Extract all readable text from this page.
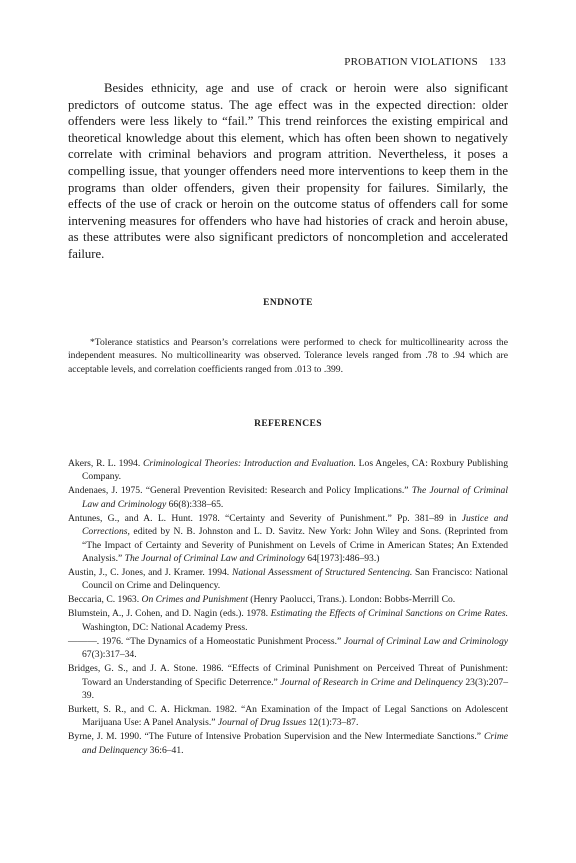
PROBATION VIOLATIONS 133

Besides ethnicity, age and use of crack or heroin were also significant predictors of outcome status. The age effect was in the expected direction: older offenders were less likely to “fail.” This trend reinforces the existing empirical and theoretical knowledge about this element, which has often been shown to negatively correlate with criminal behaviors and program attrition. Nevertheless, it poses a compelling issue, that younger offenders need more interventions to keep them in the programs than older offenders, given their propensity for failures. Similarly, the effects of the use of crack or heroin on the outcome status of offenders call for some intervening measures for offenders who have had histories of crack and heroin abuse, as these attributes were also significant predictors of noncompletion and accelerated failure.

ENDNOTE

*Tolerance statistics and Pearson’s correlations were performed to check for multicollinearity across the independent measures. No multicollinearity was observed. Tolerance levels ranged from .78 to .94 which are acceptable levels, and correlation coefficients ranged from .013 to .399.

REFERENCES
Akers, R. L. 1994. Criminological Theories: Introduction and Evaluation. Los Angeles, CA: Roxbury Publishing Company.
Andenaes, J. 1975. “General Prevention Revisited: Research and Policy Implications.” The Journal of Criminal Law and Criminology 66(8):338–65.
Antunes, G., and A. L. Hunt. 1978. “Certainty and Severity of Punishment.” Pp. 381–89 in Justice and Corrections, edited by N. B. Johnston and L. D. Savitz. New York: John Wiley and Sons. (Reprinted from “The Impact of Certainty and Severity of Punishment on Levels of Crime in American States; An Extended Analysis.” The Journal of Criminal Law and Criminology 64[1973]:486–93.)
Austin, J., C. Jones, and J. Kramer. 1994. National Assessment of Structured Sentencing. San Francisco: National Council on Crime and Delinquency.
Beccaria, C. 1963. On Crimes and Punishment (Henry Paolucci, Trans.). London: Bobbs-Merrill Co.
Blumstein, A., J. Cohen, and D. Nagin (eds.). 1978. Estimating the Effects of Criminal Sanctions on Crime Rates. Washington, DC: National Academy Press.
———. 1976. “The Dynamics of a Homeostatic Punishment Process.” Journal of Criminal Law and Criminology 67(3):317–34.
Bridges, G. S., and J. A. Stone. 1986. “Effects of Criminal Punishment on Perceived Threat of Punishment: Toward an Understanding of Specific Deterrence.” Journal of Research in Crime and Delinquency 23(3):207–39.
Burkett, S. R., and C. A. Hickman. 1982. “An Examination of the Impact of Legal Sanctions on Adolescent Marijuana Use: A Panel Analysis.” Journal of Drug Issues 12(1):73–87.
Byrne, J. M. 1990. “The Future of Intensive Probation Supervision and the New Intermediate Sanctions.” Crime and Delinquency 36:6–41.
